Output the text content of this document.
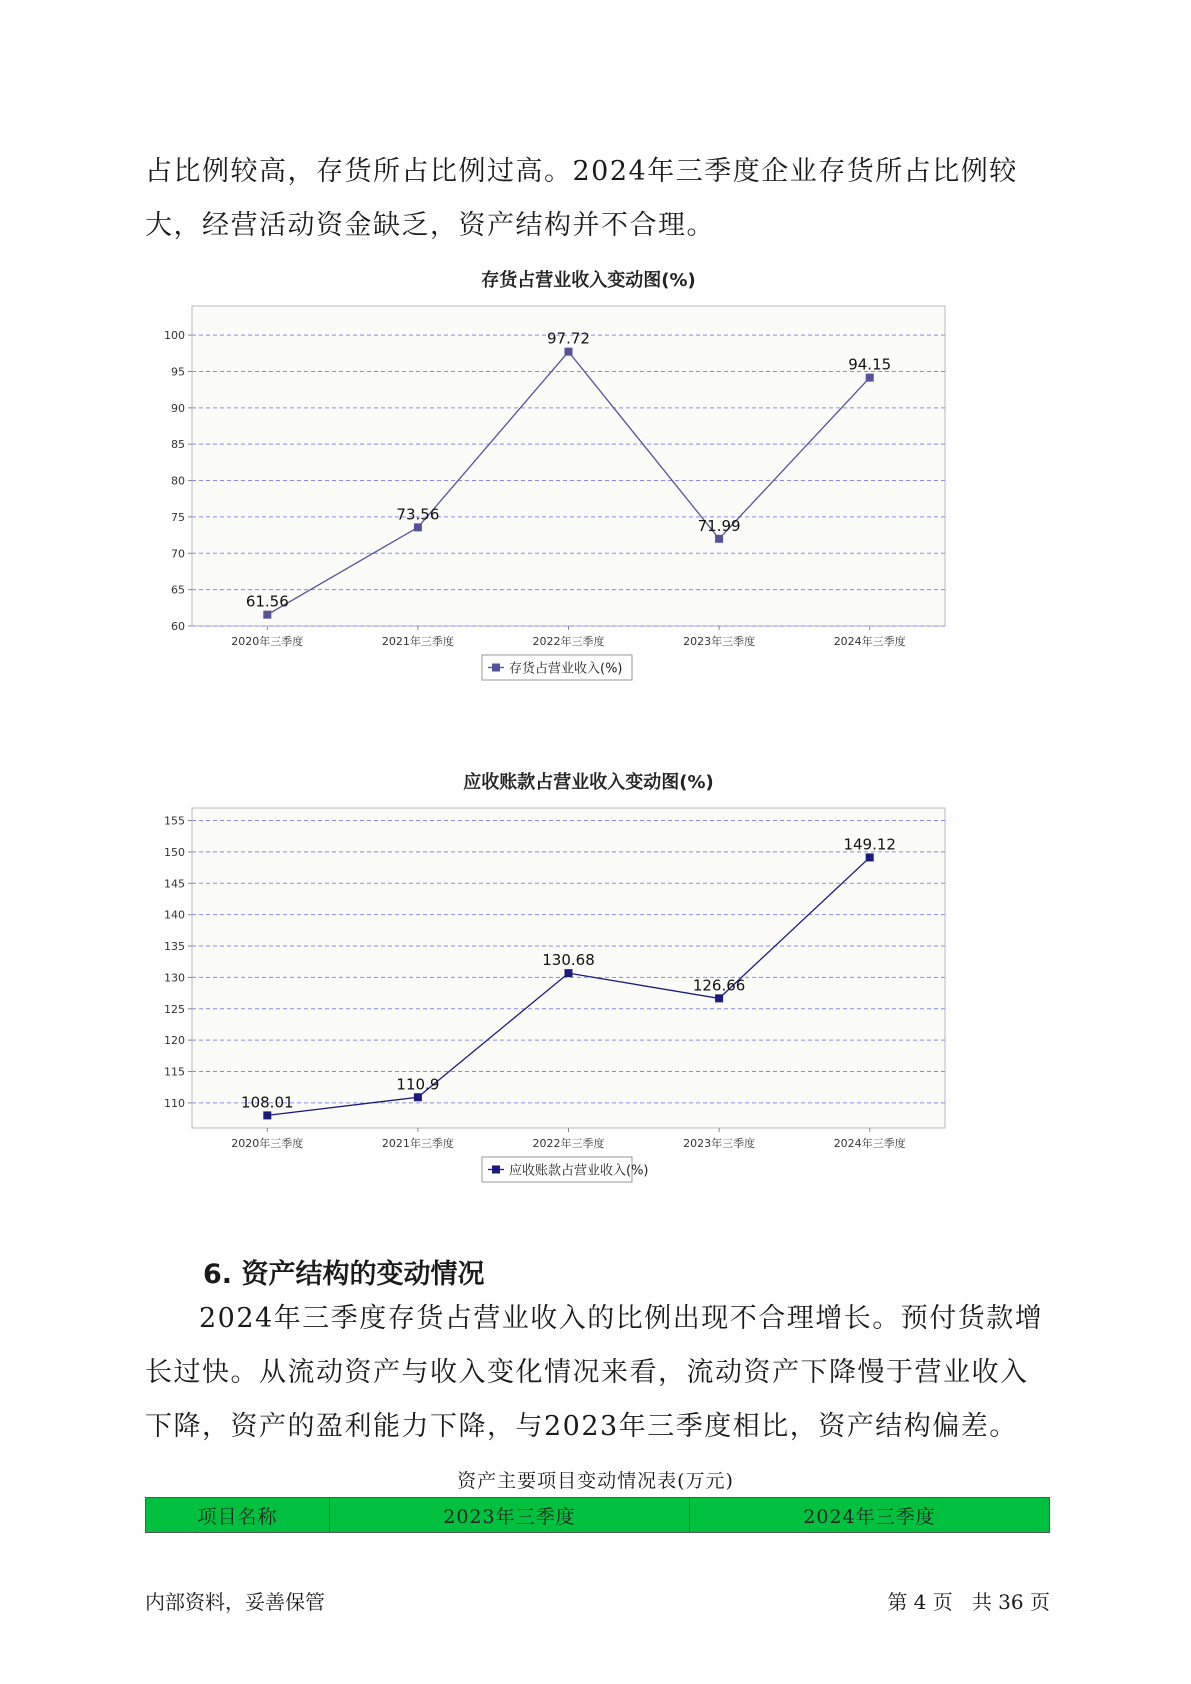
占比例较高，存货所占比例过高。2024年三季度企业存货所占比例较大，经营活动资金缺乏，资产结构并不合理。

存货占营业收入变动图(%)
60
65
70
75
80
85
90
95
100
2020年三季度	2021年三季度	2022年三季度	2023年三季度	2024年三季度
61.56
73.56
97.72
71.99
94.15
存货占营业收入(%)
应收账款占营业收入变动图(%)
110
115
120
125
130
135
140
145
150
155
2020年三季度	2021年三季度	2022年三季度	2023年三季度	2024年三季度
108.01
110.9
130.68
126.66
149.12
应收账款占营业收入(%)
6. 资产结构的变动情况

2024年三季度存货占营业收入的比例出现不合理增长。预付货款增长过快。从流动资产与收入变化情况来看，流动资产下降慢于营业收入下降，资产的盈利能力下降，与2023年三季度相比，资产结构偏差。

资产主要项目变动情况表(万元)

项目名称	2023年三季度	2024年三季度

内部资料，妥善保管	第 4 页   共 36 页
